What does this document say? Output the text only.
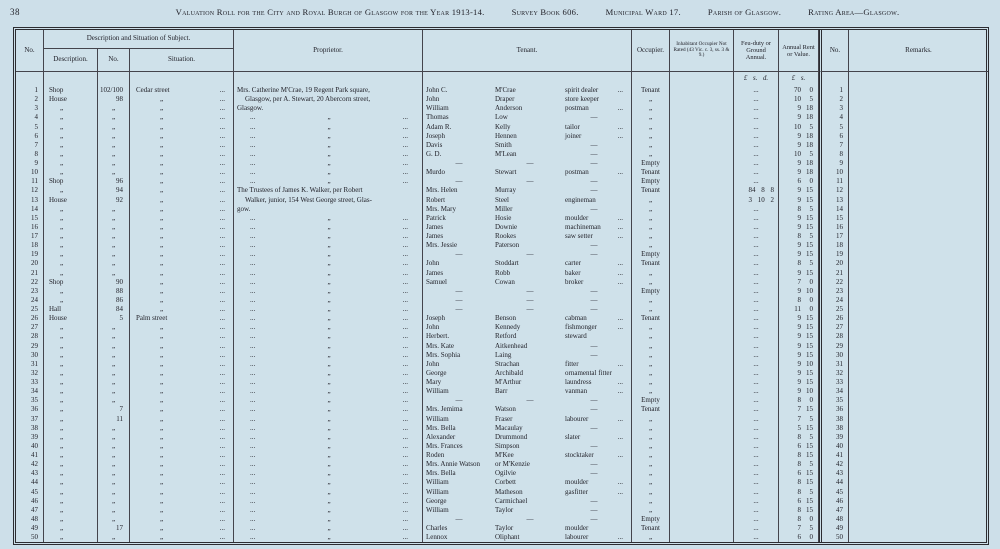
38	Valuation Roll for the City and Royal Burgh of Glasgow for the Year 1913-14.	Survey Book 606.	Municipal Ward 17.	Parish of Glasgow.	Rating Area—Glasgow.
No.
Description and Situation of Subject.
Description.	No.	Situation.
Proprietor.	Tenant.	Occupier.
Inhabitant Occupier Not Rated (43 Vic. c. 3, ss. 3 & 9.)
Feu-duty or Ground Annual.
Annual Rent or Value.
No.	Remarks.
£ s. d.	£ s.
1	Shop	102/100	Cedar street	...	Mrs. Catherine M'Crae, 19 Regent Park square,	John C.	M'Crae	spirit dealer	...	Tenant	...	70	0	1
2	House	98	„	...	Glasgow, per A. Stewart, 20 Abercorn street,	John	Draper	store keeper	„	...	10	5	2
3	„	„	„	...	Glasgow.	William	Anderson	postman	...	„	...	9 18	3
4	„	„	„	...	...	„	...	Thomas	Low	—	„	...	9 18	4
5	„	„	„	...	...	„	...	Adam R.	Kelly	tailor	...	„	...	10	5	5
6	„	„	„	...	...	„	...	Joseph	Hennen	joiner	...	„	...	9 18	6
7	„	„	„	...	...	„	...	Davis	Smith	—	„	...	9 18	7
8	„	„	„	...	...	„	...	G. D.	M'Lean	—	„	...	10	5	8
9	„	„	„	...	...	„	...	—	—	—	Empty	...	9 18	9
10	„	„	„	...	...	„	...	Murdo	Stewart	postman	...	Tenant	...	9 18	10
11	Shop	96	„	...	...	„	...	—	—	—	Empty	...	6	0	11
12	„	94	„	...	The Trustees of James K. Walker, per Robert	Mrs. Helen	Murray	—	Tenant	84 8 8	9 15	12
13	House	92	„	...	Walker, junior, 154 West George street, Glas-	Robert	Steel	engineman	„	3 10 2	9 15	13
14	„	„	„	...	gow.	Mrs. Mary	Miller	—	„	...	8	5	14
15	„	„	„	...	...	„	...	Patrick	Hosie	moulder	...	„	...	9 15	15
16	„	„	„	...	...	„	...	James	Downie	machineman	...	„	...	9 15	16
17	„	„	„	...	...	„	...	James	Rookes	saw setter	...	„	...	8	5	17
18	„	„	„	...	...	„	...	Mrs. Jessie	Paterson	—	„	...	9 15	18
19	„	„	„	...	...	„	...	—	—	—	Empty	...	9 15	19
20	„	„	„	...	...	„	...	John	Stoddart	carter	...	Tenant	...	8	5	20
21	„	„	„	...	...	„	...	James	Robb	baker	...	„	...	9 15	21
22	Shop	90	„	...	...	„	...	Samuel	Cowan	broker	...	„	...	7	0	22
23	„	88	„	...	...	„	...	—	—	—	Empty	...	9 10	23
24	„	86	„	...	...	„	...	—	—	—	„	...	8	0	24
25	Hall	84	„	...	...	„	...	—	—	—	„	...	11	0	25
26	House	5	Palm street	...	...	„	...	Joseph	Benson	cabman	...	Tenant	...	9 15	26
27	„	„	„	...	...	„	...	John	Kennedy	fishmonger	...	„	...	9 15	27
28	„	„	„	...	...	„	...	Herbert.	Retford	steward	„	...	9 15	28
29	„	„	„	...	...	„	...	Mrs. Kate	Aitkenhead	—	„	...	9 15	29
30	„	„	„	...	...	„	...	Mrs. Sophia	Laing	—	„	...	9 15	30
31	„	„	„	...	...	„	...	John	Strachan	fitter	...	„	...	9 10	31
32	„	„	„	...	...	„	...	George	Archibald	ornamental fitter	„	...	9 15	32
33	„	„	„	...	...	„	...	Mary	M'Arthur	laundress	...	„	...	9 15	33
34	„	„	„	...	...	„	...	William	Barr	vanman	...	„	...	9 10	34
35	„	„	„	...	...	„	...	—	—	—	Empty	...	8	0	35
36	„	7	„	...	...	„	...	Mrs. Jemima	Watson	—	Tenant	...	7 15	36
37	„	11	„	...	...	„	...	William	Fraser	labourer	...	„	...	7	5	38
38	„	„	„	...	...	„	...	Mrs. Bella	Macaulay	—	„	...	5 15	38
39	„	„	„	...	...	„	...	Alexander	Drummond	slater	...	„	...	8	5	39
40	„	„	„	...	...	„	...	Mrs. Frances	Simpson	—	„	...	6 15	40
41	„	„	„	...	...	„	...	Roden	M'Kee	stocktaker	...	„	...	8 15	41
42	„	„	„	...	...	„	...	Mrs. Annie Watson	or M'Kenzie	—	„	...	8	5	42
43	„	„	„	...	...	„	...	Mrs. Bella	Ogilvie	—	„	...	6 15	43
44	„	„	„	...	...	„	...	William	Corbett	moulder	...	„	...	8 15	44
45	„	„	„	...	...	„	...	William	Matheson	gasfitter	...	„	...	8	5	45
46	„	„	„	...	...	„	...	George	Carmichael	—	„	...	6 15	46
47	„	„	„	...	...	„	...	William	Taylor	—	„	...	8 15	47
48	„	„	„	...	...	„	...	—	—	—	Empty	...	8	0	48
49	„	17	„	...	...	„	...	Charles	Taylor	moulder	Tenant	...	7	5	49
50	„	„	„	...	...	„	...	Lennox	Oliphant	labourer	...	„	...	6	0	50
